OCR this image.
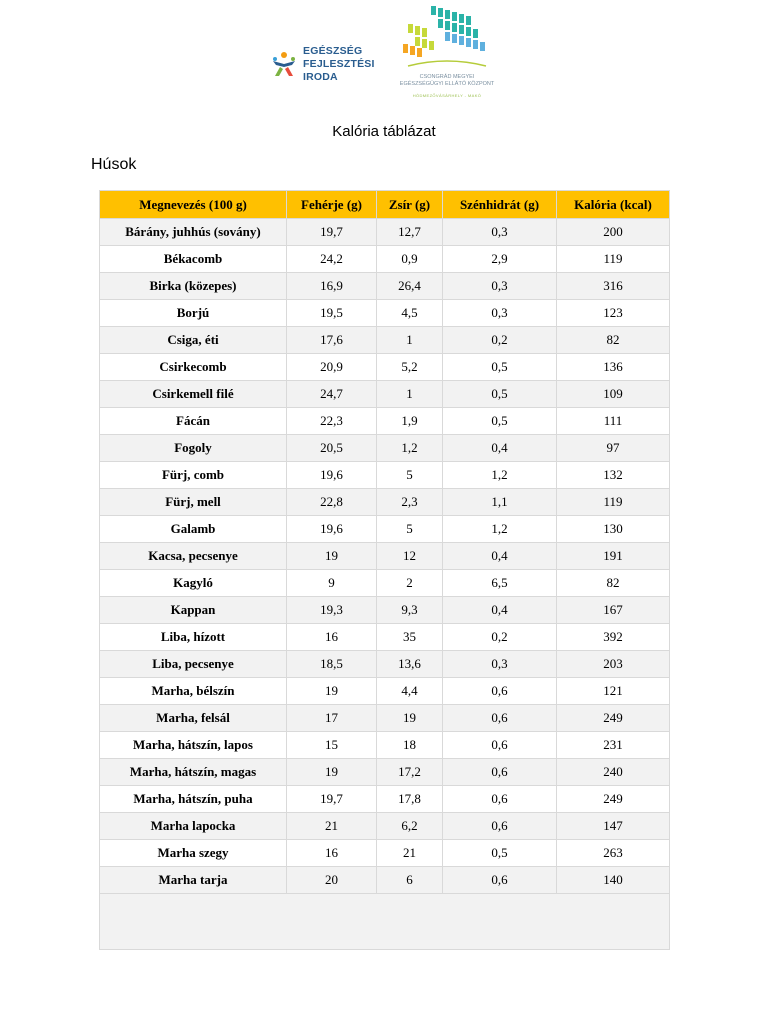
EGÉSZSÉG
FEJLESZTÉSI
IRODA	CSONGRÁD MEGYEI
EGÉSZSÉGÜGYI ELLÁTÓ KÖZPONT
HÓDMEZŐVÁSÁRHELY - MAKÓ
Kalória táblázat
Húsok
Megnevezés (100 g)	Fehérje (g)	Zsír (g)	Szénhidrát (g)	Kalória (kcal)
Bárány, juhhús (sovány)	19,7	12,7	0,3	200
Békacomb	24,2	0,9	2,9	119
Birka (közepes)	16,9	26,4	0,3	316
Borjú	19,5	4,5	0,3	123
Csiga, éti	17,6	1	0,2	82
Csirkecomb	20,9	5,2	0,5	136
Csirkemell filé	24,7	1	0,5	109
Fácán	22,3	1,9	0,5	111
Fogoly	20,5	1,2	0,4	97
Fürj, comb	19,6	5	1,2	132
Fürj, mell	22,8	2,3	1,1	119
Galamb	19,6	5	1,2	130
Kacsa, pecsenye	19	12	0,4	191
Kagyló	9	2	6,5	82
Kappan	19,3	9,3	0,4	167
Liba, hízott	16	35	0,2	392
Liba, pecsenye	18,5	13,6	0,3	203
Marha, bélszín	19	4,4	0,6	121
Marha, felsál	17	19	0,6	249
Marha, hátszín, lapos	15	18	0,6	231
Marha, hátszín, magas	19	17,2	0,6	240
Marha, hátszín, puha	19,7	17,8	0,6	249
Marha lapocka	21	6,2	0,6	147
Marha szegy	16	21	0,5	263
Marha tarja	20	6	0,6	140
